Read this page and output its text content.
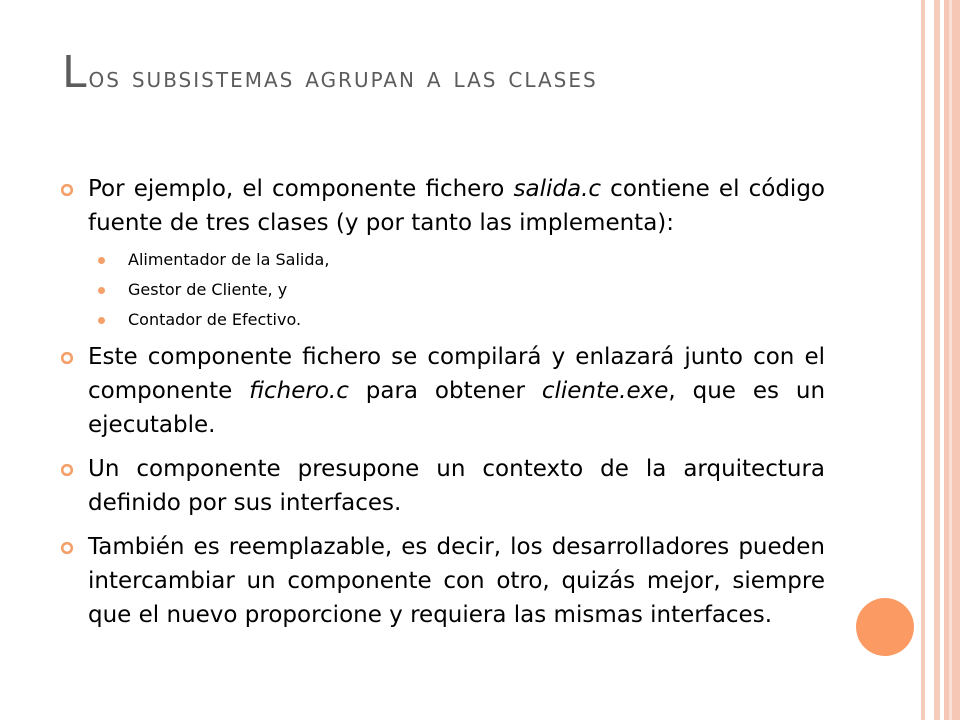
Los subsistemas agrupan a las clases
Por ejemplo, el componente fichero salida.c contiene el código fuente de tres clases (y por tanto las implementa):
Alimentador de la Salida,
Gestor de Cliente, y
Contador de Efectivo.
Este componente fichero se compilará y enlazará junto con el componente fichero.c para obtener cliente.exe, que es un ejecutable.
Un componente presupone un contexto de la arquitectura definido por sus interfaces.
También es reemplazable, es decir, los desarrolladores pueden intercambiar un componente con otro, quizás mejor, siempre que el nuevo proporcione y requiera las mismas interfaces.
